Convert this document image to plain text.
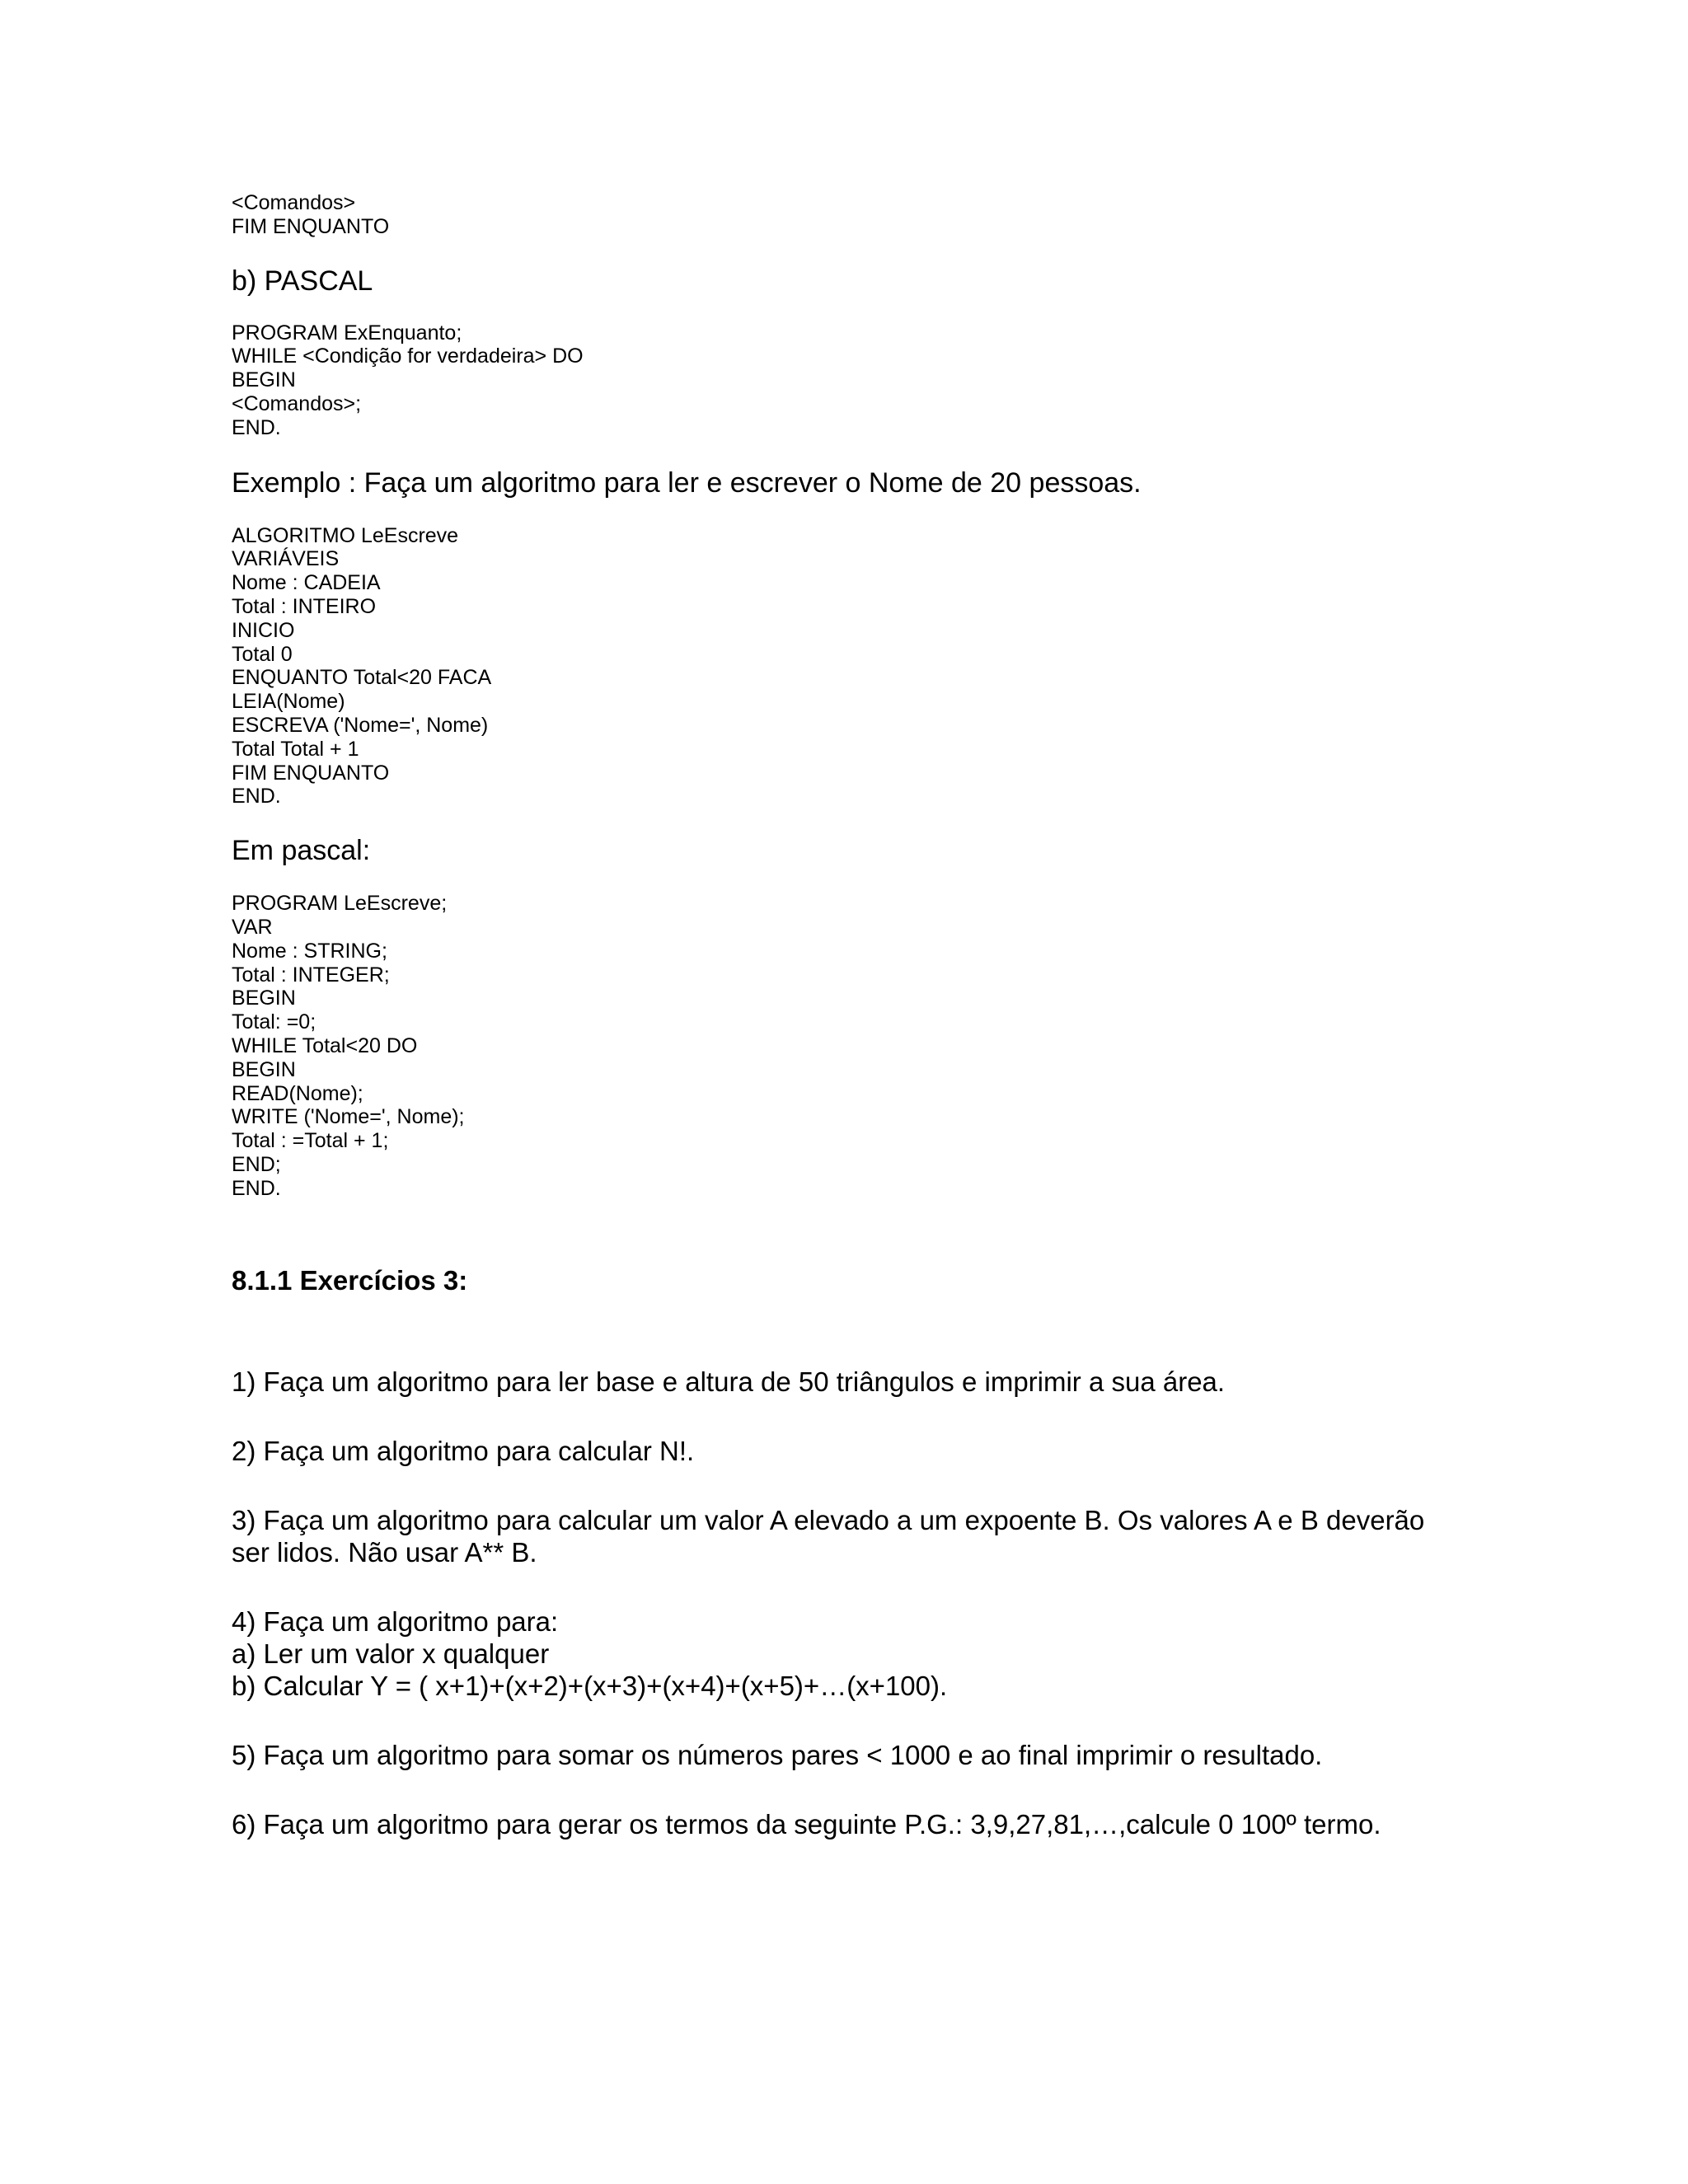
<Comandos>
FIM ENQUANTO
b) PASCAL
PROGRAM ExEnquanto;
WHILE <Condição for verdadeira> DO
BEGIN
<Comandos>;
END.
Exemplo : Faça um algoritmo para ler e escrever o Nome de 20 pessoas.
ALGORITMO LeEscreve
VARIÁVEIS
Nome : CADEIA
Total : INTEIRO
INICIO
Total 0
ENQUANTO Total<20 FACA
LEIA(Nome)
ESCREVA ('Nome=', Nome)
Total Total + 1
FIM ENQUANTO
END.
Em pascal:
PROGRAM LeEscreve;
VAR
Nome : STRING;
Total : INTEGER;
BEGIN
Total: =0;
WHILE Total<20 DO
BEGIN
READ(Nome);
WRITE ('Nome=', Nome);
Total : =Total + 1;
END;
END.
8.1.1 Exercícios 3:
1) Faça um algoritmo para ler base e altura de 50 triângulos e imprimir a sua área.
2) Faça um algoritmo para calcular N!.
3) Faça um algoritmo para calcular um valor A elevado a um expoente B. Os valores A e B deverão
ser lidos. Não usar A** B.
4) Faça um algoritmo para:
a) Ler um valor x qualquer
b) Calcular Y = ( x+1)+(x+2)+(x+3)+(x+4)+(x+5)+…(x+100).
5) Faça um algoritmo para somar os números pares < 1000 e ao final imprimir o resultado.
6) Faça um algoritmo para gerar os termos da seguinte P.G.: 3,9,27,81,…,calcule 0 100º termo.
